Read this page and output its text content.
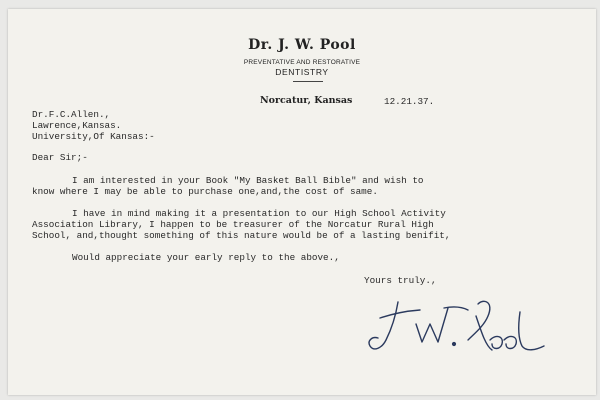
Dr. J. W. Pool
PREVENTATIVE AND RESTORATIVE
DENTISTRY
Norcatur, Kansas	12.21.37.
Dr.F.C.Allen.,
Lawrence,Kansas.
University,Of Kansas:-
Dear Sir;-
I am interested in your Book "My Basket Ball Bible" and wish to
know where I may be able to purchase one,and,the cost of same.
I have in mind making it a presentation to our High School Activity
Association Library, I happen to be treasurer of the Norcatur Rural High
School, and,thought something of this nature would be of a lasting benifit,
Would appreciate your early reply to the above.,
Yours truly.,
